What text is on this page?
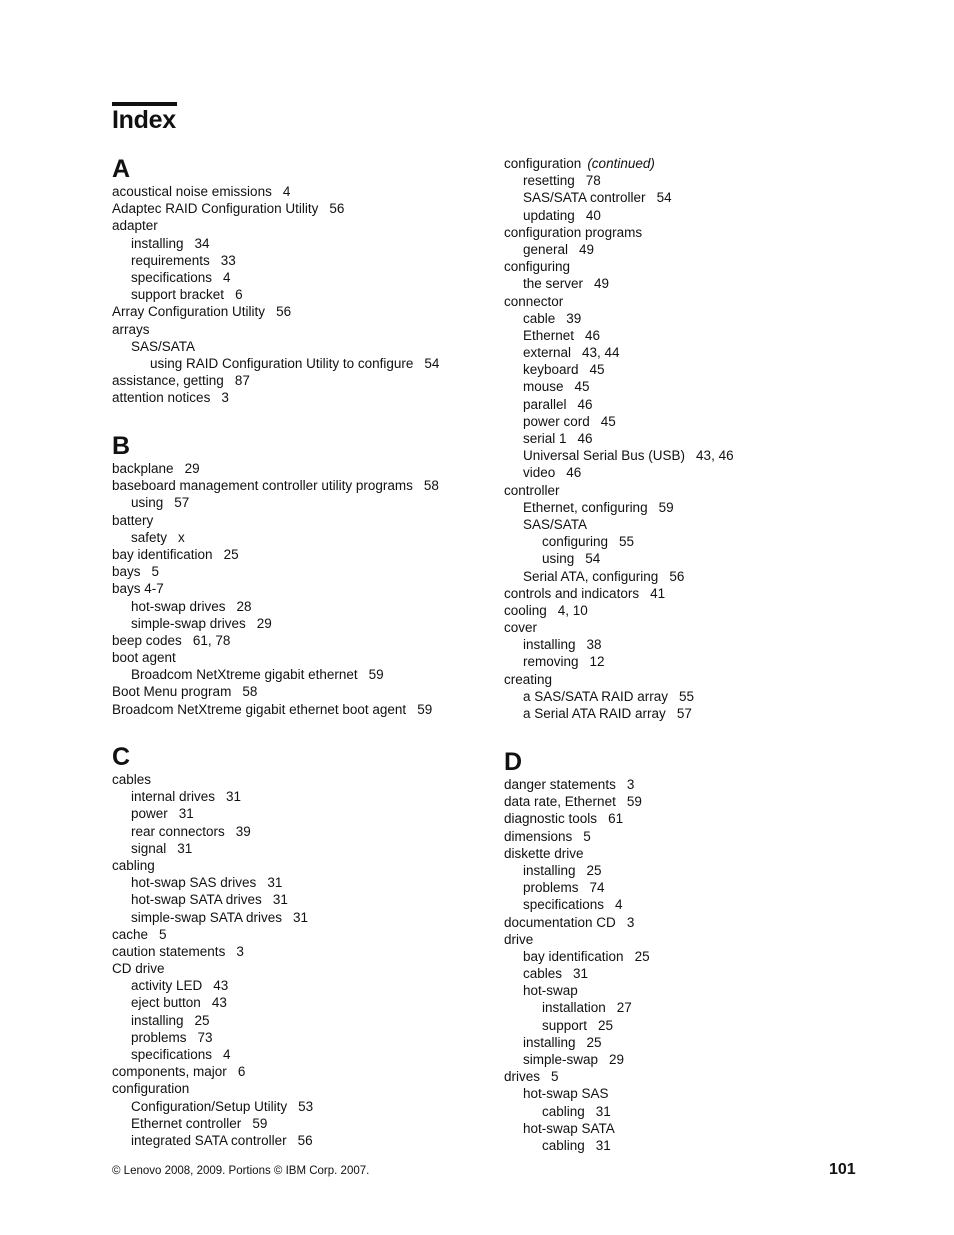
Index
A
acoustical noise emissions 4
Adaptec RAID Configuration Utility 56
adapter
installing 34
requirements 33
specifications 4
support bracket 6
Array Configuration Utility 56
arrays
SAS/SATA
using RAID Configuration Utility to configure 54
assistance, getting 87
attention notices 3
B
backplane 29
baseboard management controller utility programs 58
using 57
battery
safety x
bay identification 25
bays 5
bays 4-7
hot-swap drives 28
simple-swap drives 29
beep codes 61, 78
boot agent
Broadcom NetXtreme gigabit ethernet 59
Boot Menu program 58
Broadcom NetXtreme gigabit ethernet boot agent 59
C
cables
internal drives 31
power 31
rear connectors 39
signal 31
cabling
hot-swap SAS drives 31
hot-swap SATA drives 31
simple-swap SATA drives 31
cache 5
caution statements 3
CD drive
activity LED 43
eject button 43
installing 25
problems 73
specifications 4
components, major 6
configuration
Configuration/Setup Utility 53
Ethernet controller 59
integrated SATA controller 56
configuration (continued)
resetting 78
SAS/SATA controller 54
updating 40
configuration programs
general 49
configuring
the server 49
connector
cable 39
Ethernet 46
external 43, 44
keyboard 45
mouse 45
parallel 46
power cord 45
serial 1 46
Universal Serial Bus (USB) 43, 46
video 46
controller
Ethernet, configuring 59
SAS/SATA
configuring 55
using 54
Serial ATA, configuring 56
controls and indicators 41
cooling 4, 10
cover
installing 38
removing 12
creating
a SAS/SATA RAID array 55
a Serial ATA RAID array 57
D
danger statements 3
data rate, Ethernet 59
diagnostic tools 61
dimensions 5
diskette drive
installing 25
problems 74
specifications 4
documentation CD 3
drive
bay identification 25
cables 31
hot-swap
installation 27
support 25
installing 25
simple-swap 29
drives 5
hot-swap SAS
cabling 31
hot-swap SATA
cabling 31
© Lenovo 2008, 2009. Portions © IBM Corp. 2007.	101
